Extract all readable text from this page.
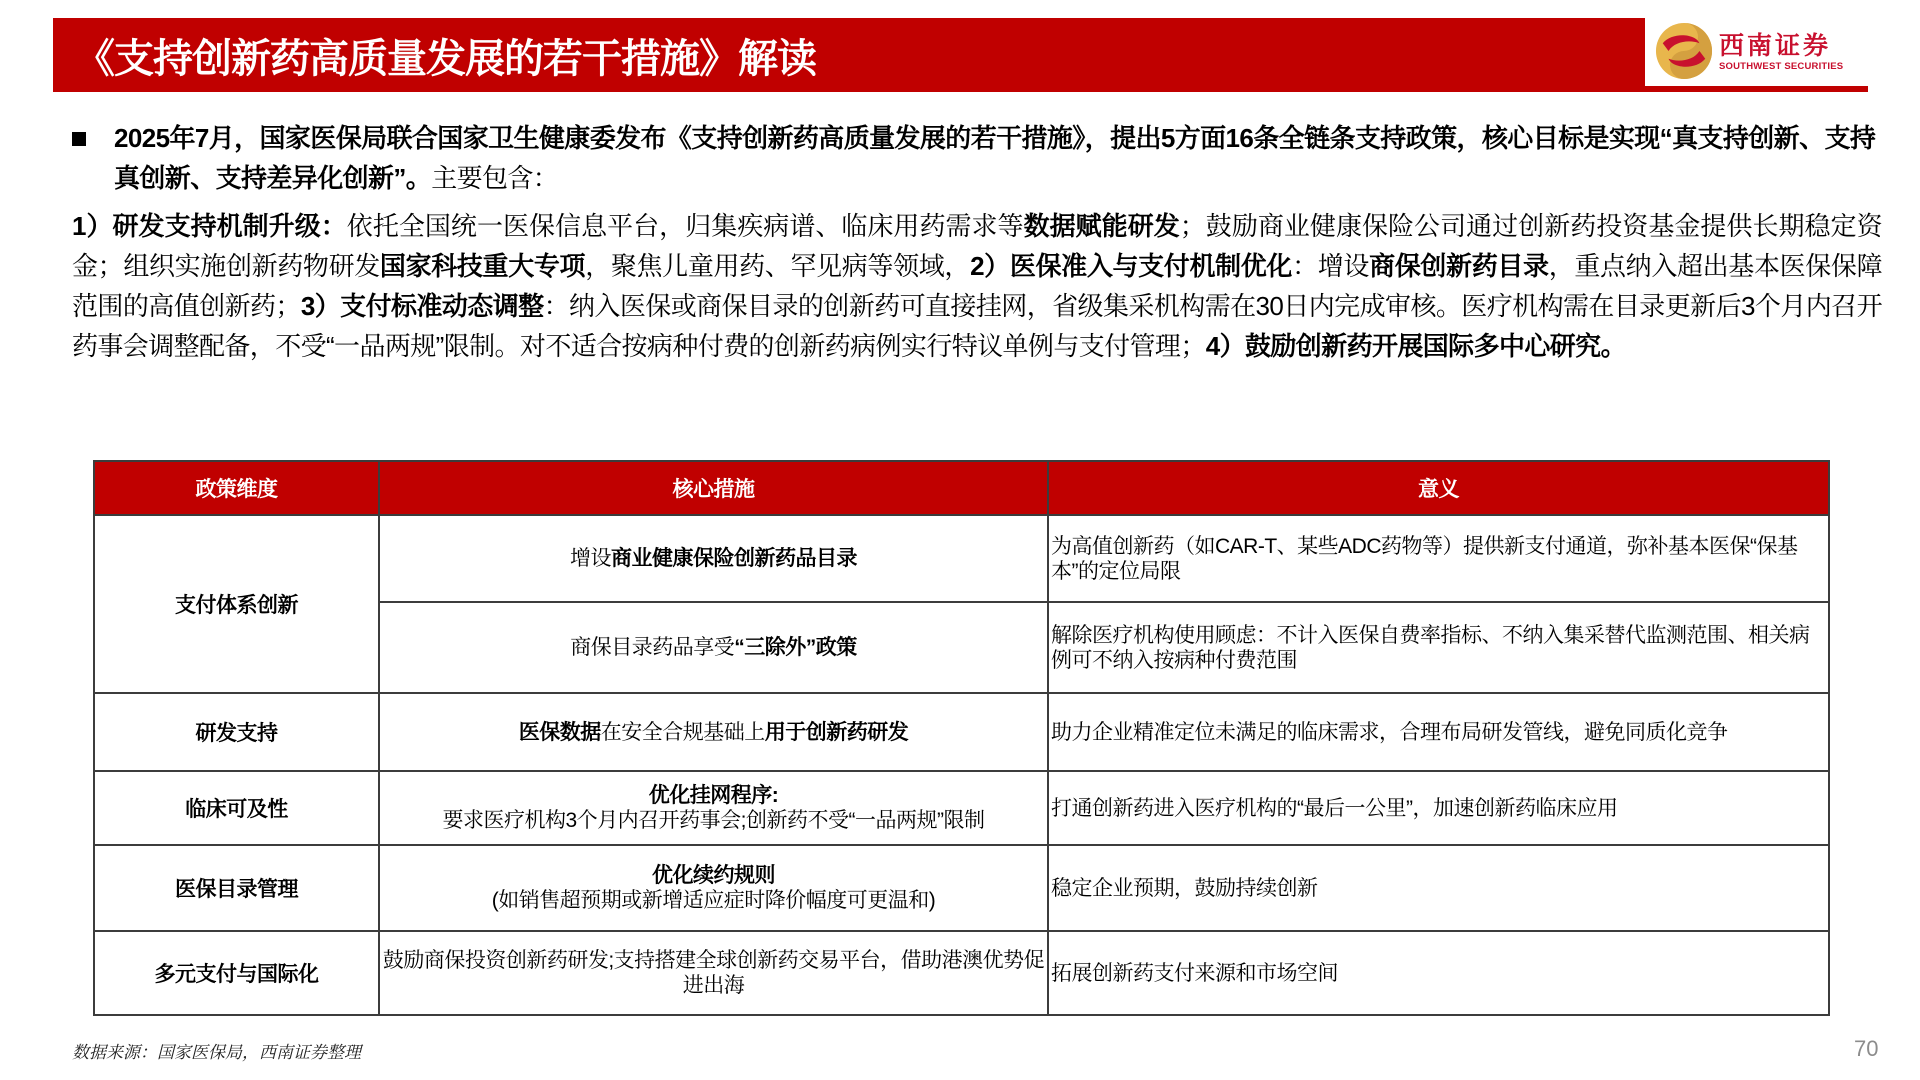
《支持创新药高质量发展的若干措施》解读	西南证券
SOUTHWEST SECURITIES
2025年7月，国家医保局联合国家卫生健康委发布《支持创新药高质量发展的若干措施》，提出5方面16条全链条支持政策，核心目标是实现“真支持创新、支持真创新、支持差异化创新”。主要包含：
1）研发支持机制升级：依托全国统一医保信息平台，归集疾病谱、临床用药需求等数据赋能研发；鼓励商业健康保险公司通过创新药投资基金提供长期稳定资金；组织实施创新药物研发国家科技重大专项，聚焦儿童用药、罕见病等领域，2）医保准入与支付机制优化：增设商保创新药目录，重点纳入超出基本医保保障范围的高值创新药；3）支付标准动态调整：纳入医保或商保目录的创新药可直接挂网，省级集采机构需在30日内完成审核。医疗机构需在目录更新后3个月内召开药事会调整配备，不受“一品两规”限制。对不适合按病种付费的创新药病例实行特议单例与支付管理；4）鼓励创新药开展国际多中心研究。
政策维度	核心措施	意义
支付体系创新	增设商业健康保险创新药品目录	为高值创新药（如CAR-T、某些ADC药物等）提供新支付通道，弥补基本医保“保基本”的定位局限

	商保目录药品享受“三除外”政策	解除医疗机构使用顾虑：不计入医保自费率指标、不纳入集采替代监测范围、相关病例可不纳入按病种付费范围
研发支持	医保数据在安全合规基础上用于创新药研发	助力企业精准定位未满足的临床需求，合理布局研发管线，避免同质化竞争
临床可及性	优化挂网程序:
要求医疗机构3个月内召开药事会;创新药不受“一品两规”限制	打通创新药进入医疗机构的“最后一公里”，加速创新药临床应用
医保目录管理	优化续约规则
(如销售超预期或新增适应症时降价幅度可更温和)	稳定企业预期，鼓励持续创新
多元支付与国际化	鼓励商保投资创新药研发;支持搭建全球创新药交易平台，借助港澳优势促进出海	拓展创新药支付来源和市场空间
数据来源：国家医保局，西南证券整理	70
